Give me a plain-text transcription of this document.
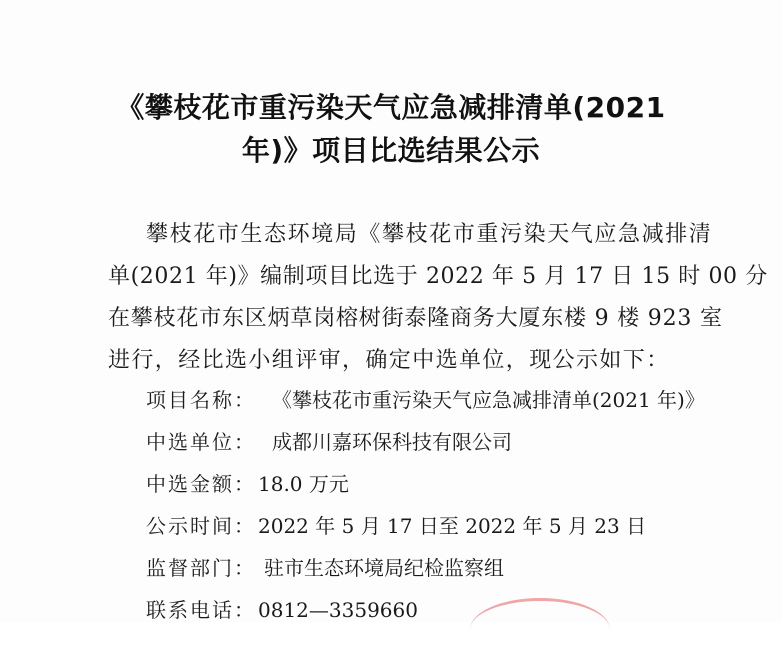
《攀枝花市重污染天气应急减排清单(2021
年)》项目比选结果公示
攀枝花市生态环境局《攀枝花市重污染天气应急减排清
单(2021 年)》编制项目比选于 2022 年 5 月 17 日 15 时 00 分
在攀枝花市东区炳草岗榕树街泰隆商务大厦东楼 9 楼 923 室
进行，经比选小组评审，确定中选单位，现公示如下：
项目名称： 《攀枝花市重污染天气应急减排清单(2021 年)》
中选单位： 成都川嘉环保科技有限公司
中选金额： 18.0 万元
公示时间： 2022 年 5 月 17 日至 2022 年 5 月 23 日
监督部门： 驻市生态环境局纪检监察组
联系电话： 0812—3359660
